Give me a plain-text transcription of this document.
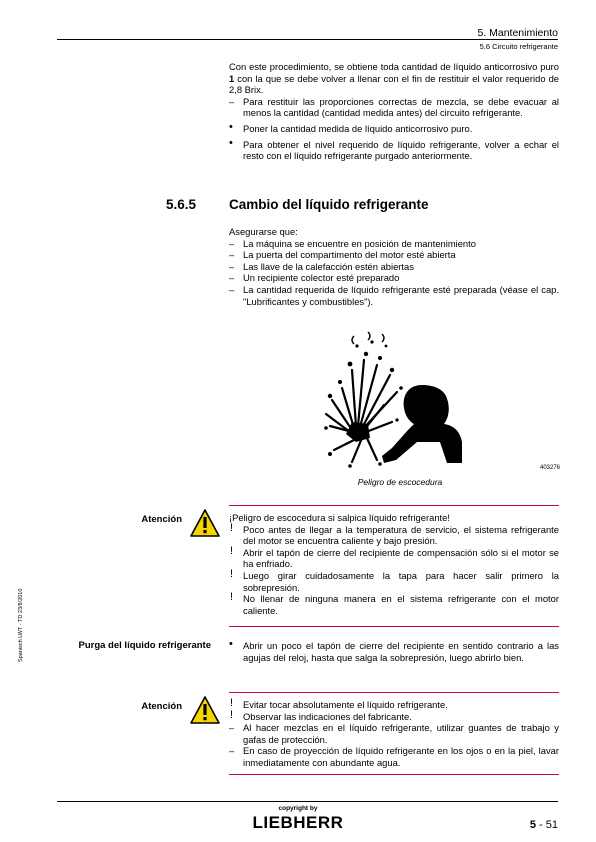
5. Mantenimiento
5.6 Circuito refrigerante
Con este procedimiento, se obtiene toda cantidad de líquido anticorrosivo puro 1 con la que se debe volver a llenar con el fin de restituir el valor requerido de 2,8 Brix.
– Para restituir las proporciones correctas de mezcla, se debe evacuar al menos la cantidad (cantidad medida antes) del circuito refrigerante.
• Poner la cantidad medida de líquido anticorrosivo puro.
• Para obtener el nivel requerido de líquido refrigerante, volver a echar el resto con el líquido refrigerante purgado anteriormente.
5.6.5 Cambio del líquido refrigerante
Asegurarse que:
– La máquina se encuentre en posición de mantenimiento
– La puerta del compartimento del motor esté abierta
– Las llave de la calefacción estén abiertas
– Un recipiente colector esté preparado
– La cantidad requerida de líquido refrigerante esté preparada (véase el cap. "Lubrificantes y combustibles").
403276
Peligro de escocedura
Atención	¡Peligro de escocedura si salpica líquido refrigerante!
! Poco antes de llegar a la temperatura de servicio, el sistema refrigerante del motor se encuentra caliente y bajo presión.
! Abrir el tapón de cierre del recipiente de compensación sólo si el motor se ha enfriado.
! Luego girar cuidadosamente la tapa para hacer salir primero la sobrepresión.
! No llenar de ninguna manera en el sistema refrigerante con el motor caliente.
Purga del líquido refrigerante	• Abrir un poco el tapón de cierre del recipiente en sentido contrario a las agujas del reloj, hasta que salga la sobrepresión, luego abrirlo bien.
Atención	! Evitar tocar absolutamente el líquido refrigerante.
! Observar las indicaciones del fabricante.
– Al hacer mezclas en el líquido refrigerante, utilizar guantes de trabajo y gafas de protección.
– En caso de proyección de líquido refrigerante en los ojos o en la piel, lavar inmediatamente con abundante agua.
Spanisch LWT - TD 23/8/2010
copyright by
LIEBHERR	5 - 51
